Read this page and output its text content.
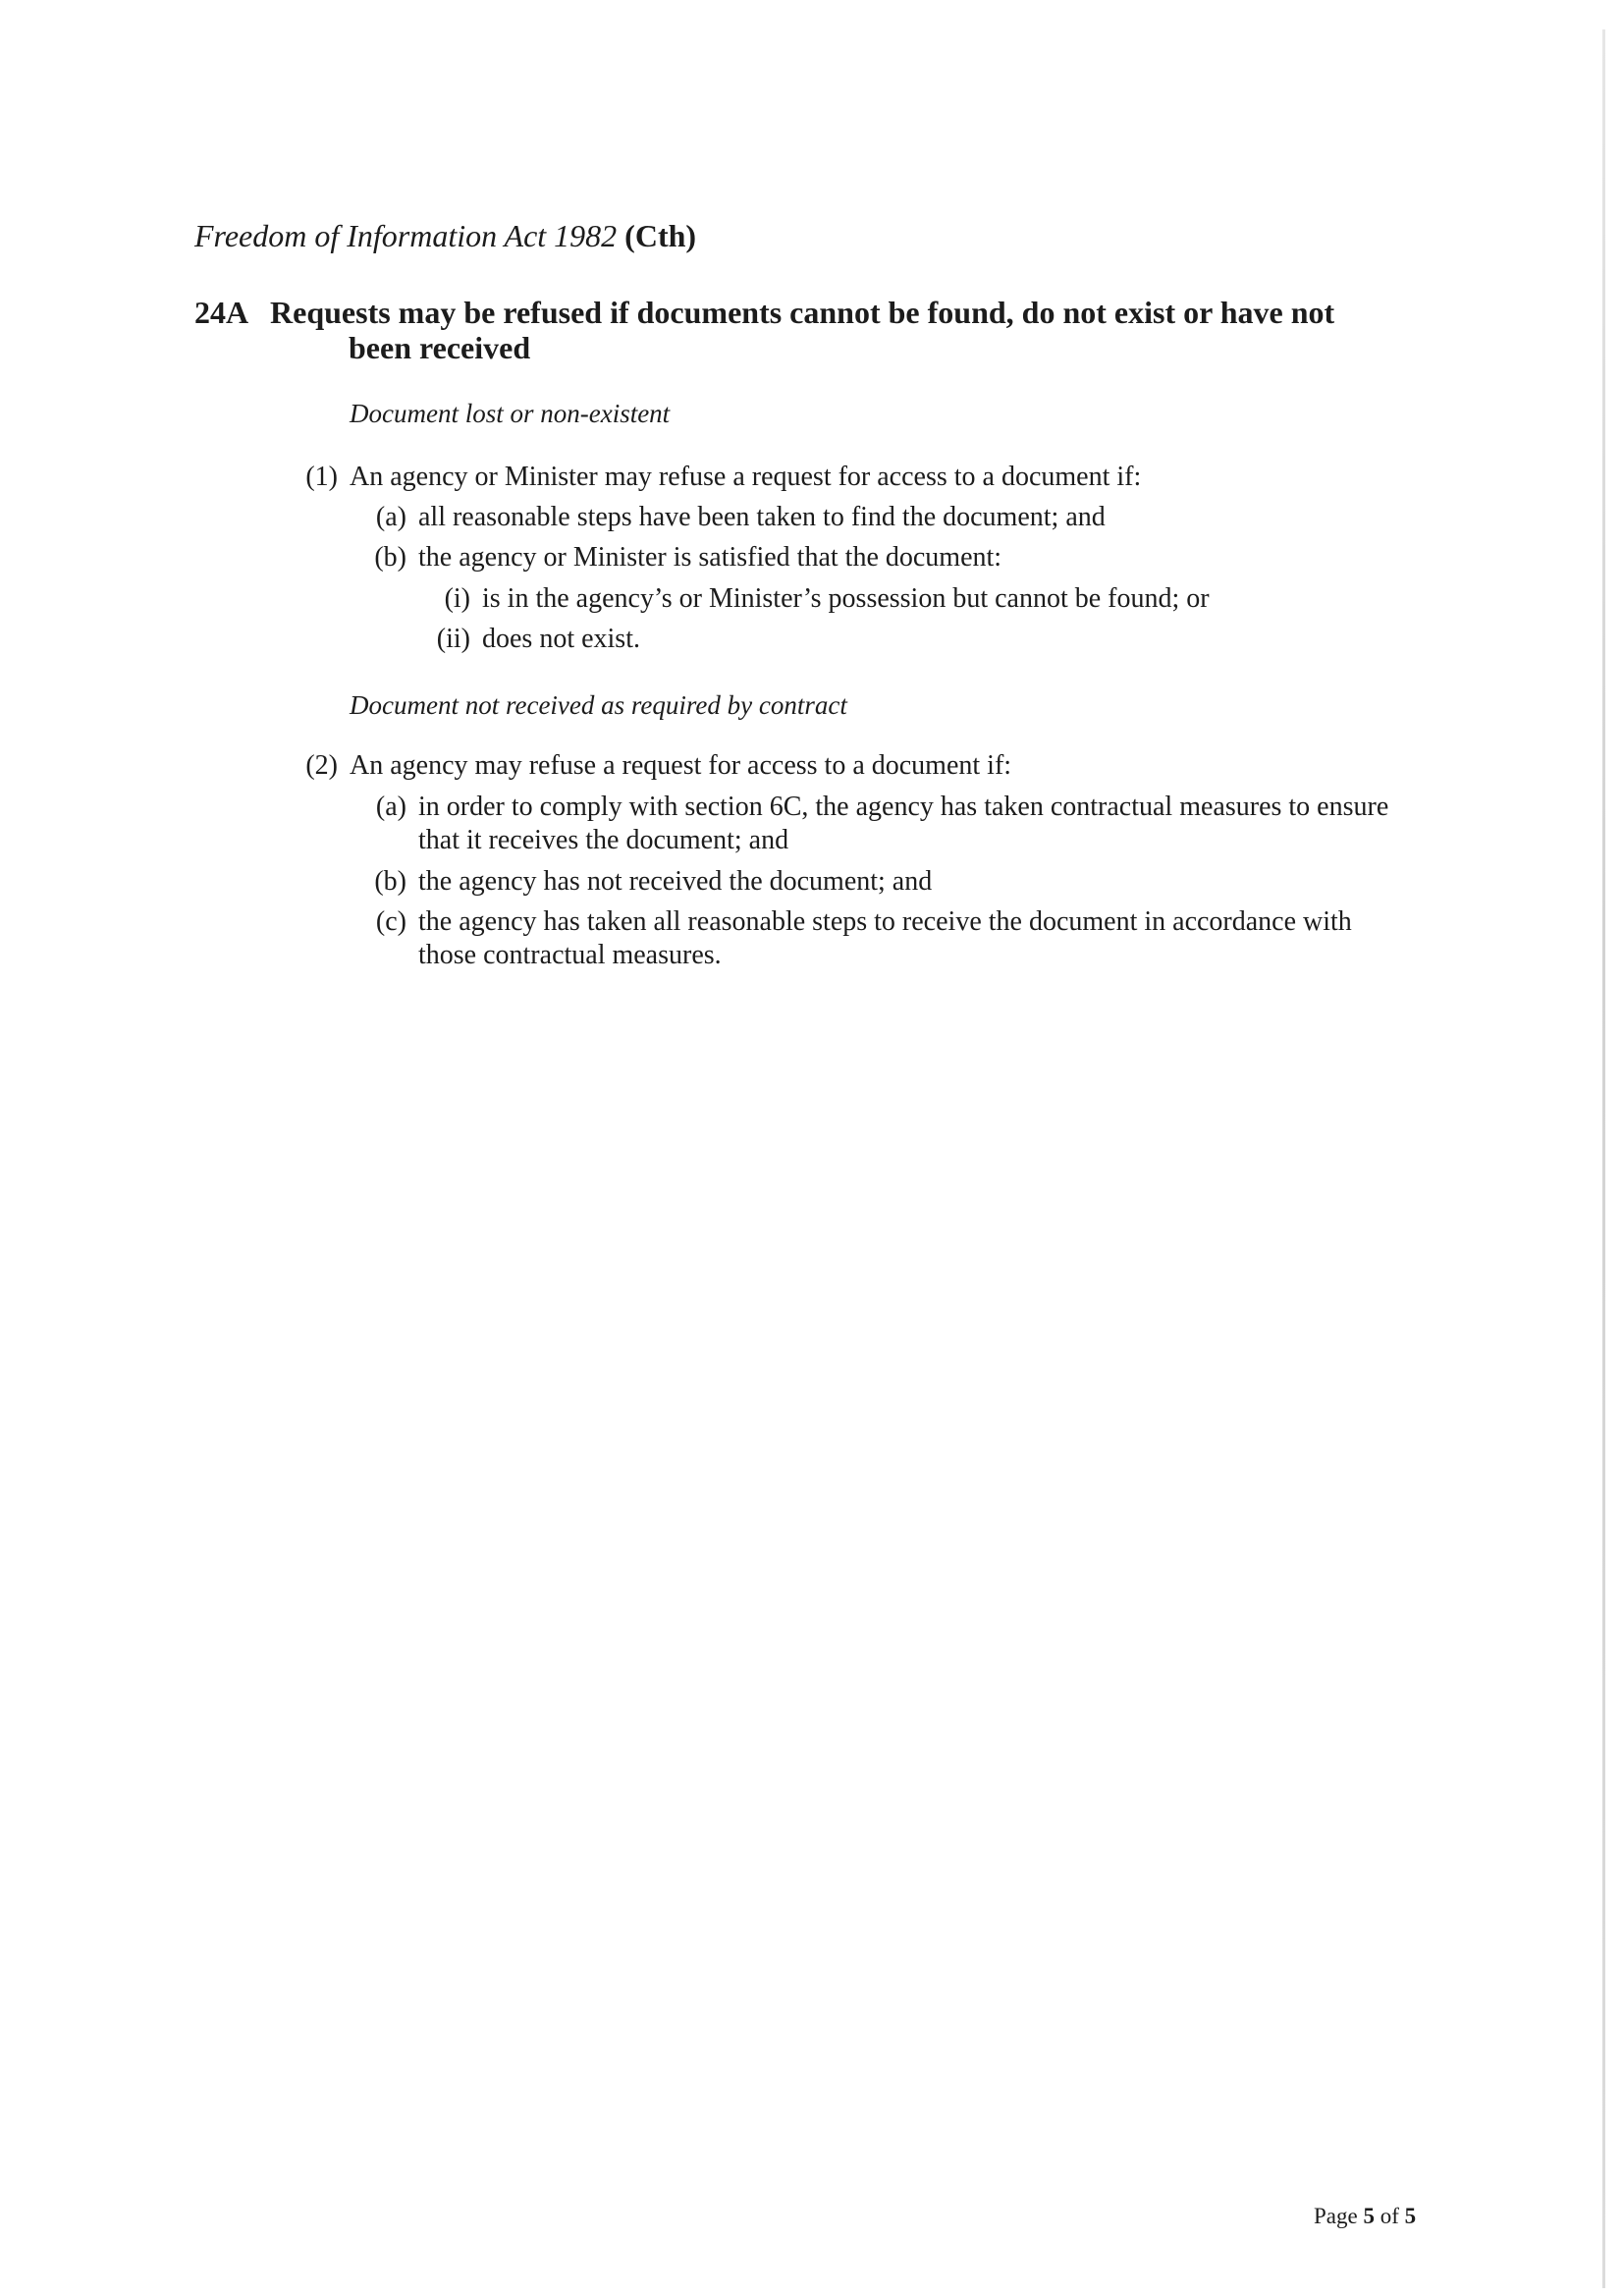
Freedom of Information Act 1982 (Cth)
24A Requests may be refused if documents cannot be found, do not exist or have not
been received
Document lost or non-existent
(1) An agency or Minister may refuse a request for access to a document if:
(a) all reasonable steps have been taken to find the document; and
(b) the agency or Minister is satisfied that the document:
(i) is in the agency’s or Minister’s possession but cannot be found; or
(ii) does not exist.
Document not received as required by contract
(2) An agency may refuse a request for access to a document if:
(a) in order to comply with section 6C, the agency has taken contractual measures to ensure that it receives the document; and
(b) the agency has not received the document; and
(c) the agency has taken all reasonable steps to receive the document in accordance with those contractual measures.
Page 5 of 5
